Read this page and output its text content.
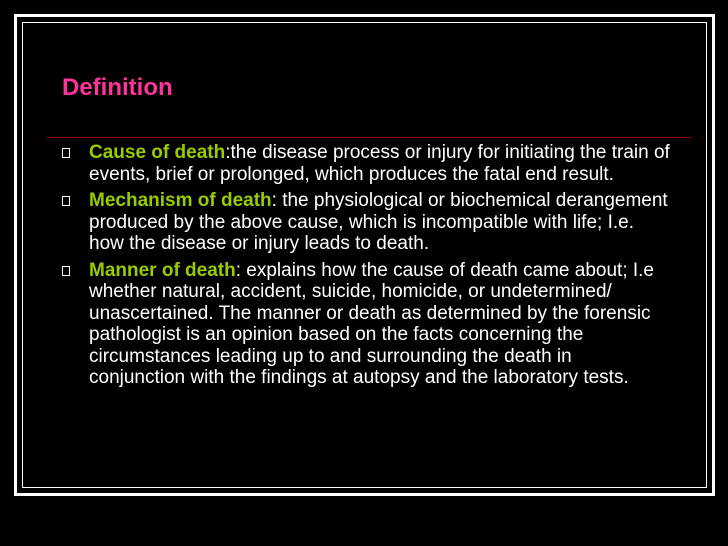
Definition
Cause of death:the disease process or injury for initiating the train of events, brief or prolonged, which produces the fatal end result.
Mechanism of death: the physiological or biochemical derangement produced by the above cause, which is incompatible with life; I.e. how the disease or injury leads to death.
Manner of death: explains how the cause of death came about; I.e whether natural, accident, suicide, homicide, or undetermined/ unascertained. The manner or death as determined by the forensic pathologist is an opinion based on the facts concerning the circumstances leading up to and surrounding the death in conjunction with the findings at autopsy and the laboratory tests.
